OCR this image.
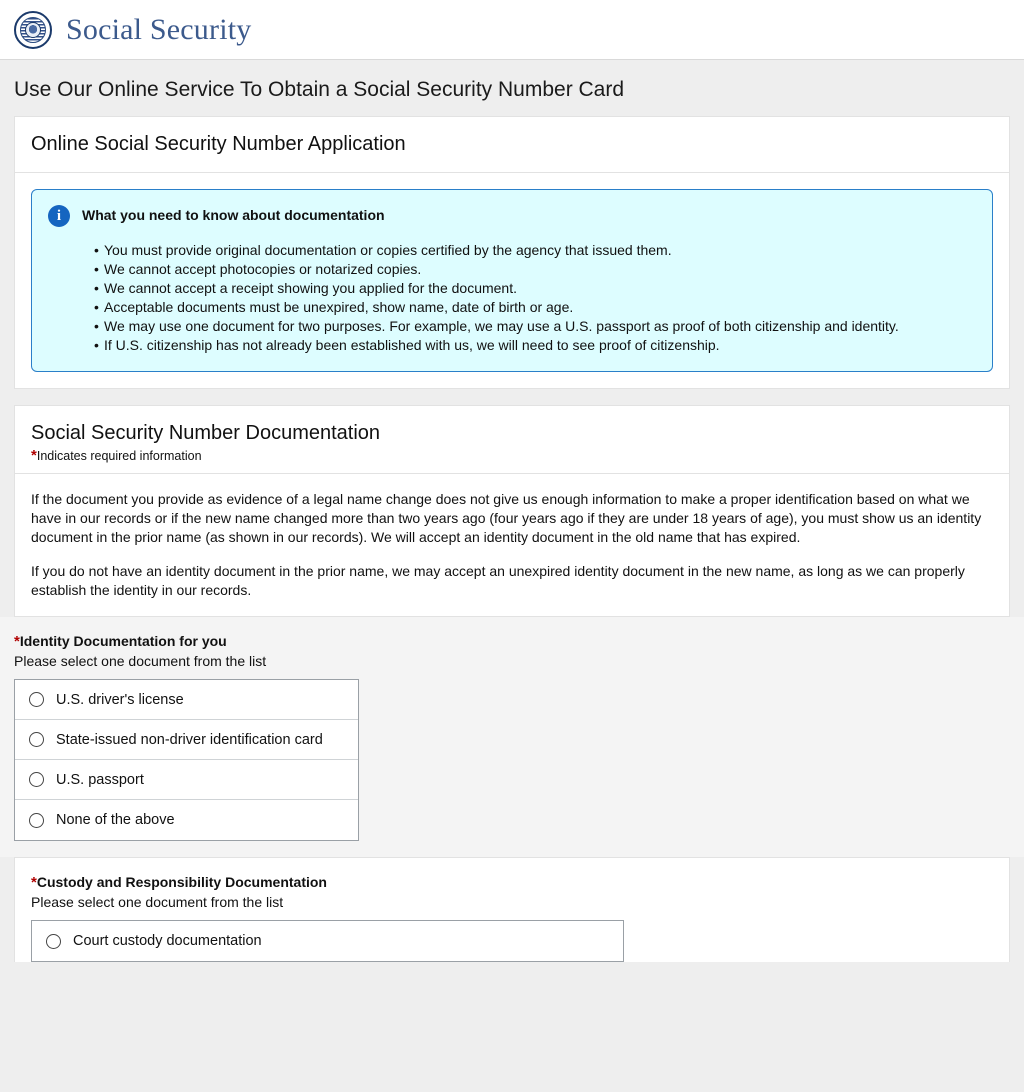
Social Security
Use Our Online Service To Obtain a Social Security Number Card
Online Social Security Number Application
i	What you need to know about documentation
• You must provide original documentation or copies certified by the agency that issued them.
• We cannot accept photocopies or notarized copies.
• We cannot accept a receipt showing you applied for the document.
• Acceptable documents must be unexpired, show name, date of birth or age.
• We may use one document for two purposes. For example, we may use a U.S. passport as proof of both citizenship and identity.
• If U.S. citizenship has not already been established with us, we will need to see proof of citizenship.
Social Security Number Documentation
*Indicates required information

If the document you provide as evidence of a legal name change does not give us enough information to make a proper identification based on what we have in our records or if the new name changed more than two years ago (four years ago if they are under 18 years of age), you must show us an identity document in the prior name (as shown in our records). We will accept an identity document in the old name that has expired.

If you do not have an identity document in the prior name, we may accept an unexpired identity document in the new name, as long as we can properly establish the identity in our records.

*Identity Documentation for you
Please select one document from the list
U.S. driver's license
State-issued non-driver identification card
U.S. passport
None of the above
*Custody and Responsibility Documentation
Please select one document from the list
Court custody documentation
